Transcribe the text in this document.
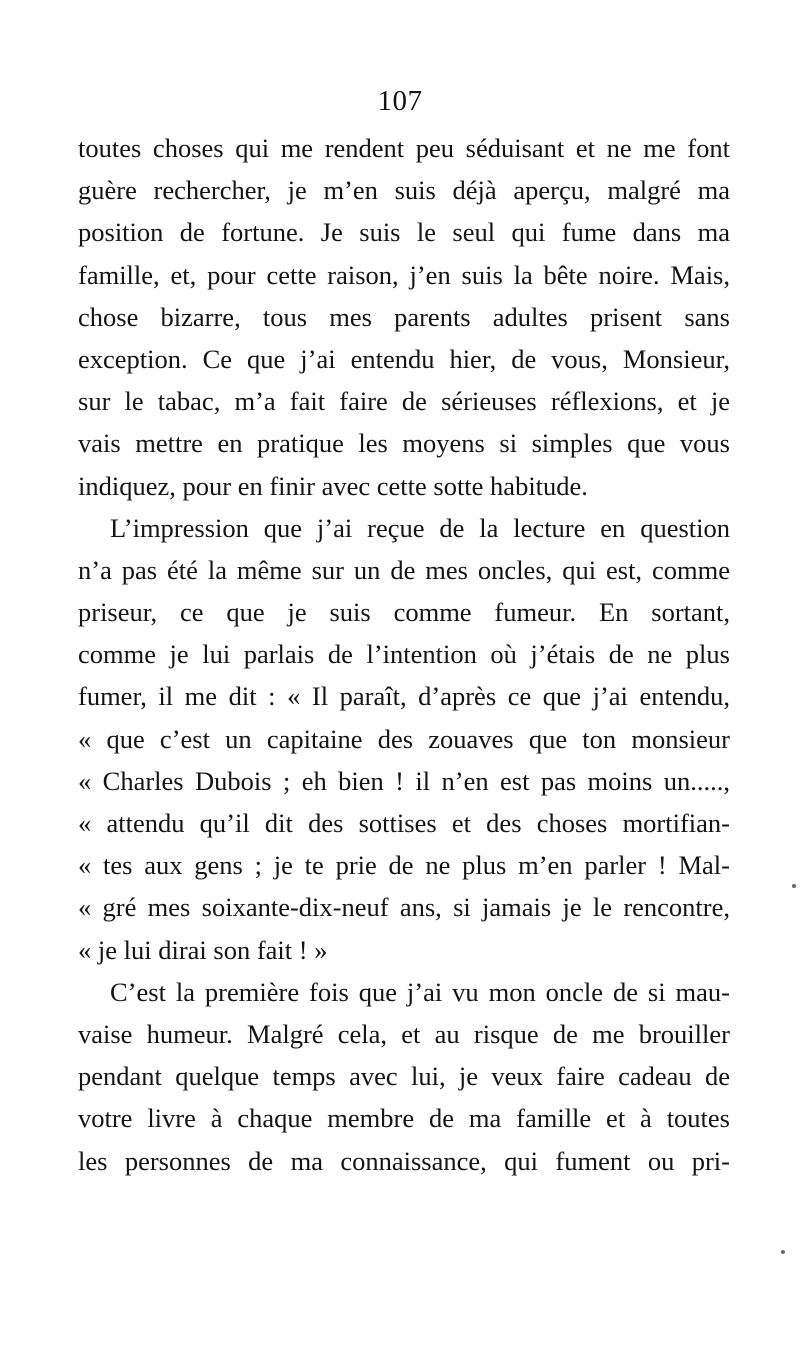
107
toutes choses qui me rendent peu séduisant et ne me font
guère rechercher, je m’en suis déjà aperçu, malgré ma
position de fortune. Je suis le seul qui fume dans ma
famille, et, pour cette raison, j’en suis la bête noire. Mais,
chose bizarre, tous mes parents adultes prisent sans
exception. Ce que j’ai entendu hier, de vous, Monsieur,
sur le tabac, m’a fait faire de sérieuses réflexions, et je
vais mettre en pratique les moyens si simples que vous
indiquez, pour en finir avec cette sotte habitude.
L’impression que j’ai reçue de la lecture en question
n’a pas été la même sur un de mes oncles, qui est, comme
priseur, ce que je suis comme fumeur. En sortant,
comme je lui parlais de l’intention où j’étais de ne plus
fumer, il me dit : « Il paraît, d’après ce que j’ai entendu,
« que c’est un capitaine des zouaves que ton monsieur
« Charles Dubois ; eh bien ! il n’en est pas moins un.....,
« attendu qu’il dit des sottises et des choses mortifian-
« tes aux gens ; je te prie de ne plus m’en parler ! Mal-
« gré mes soixante-dix-neuf ans, si jamais je le rencontre,
« je lui dirai son fait ! »
C’est la première fois que j’ai vu mon oncle de si mau-
vaise humeur. Malgré cela, et au risque de me brouiller
pendant quelque temps avec lui, je veux faire cadeau de
votre livre à chaque membre de ma famille et à toutes
les personnes de ma connaissance, qui fument ou pri-
